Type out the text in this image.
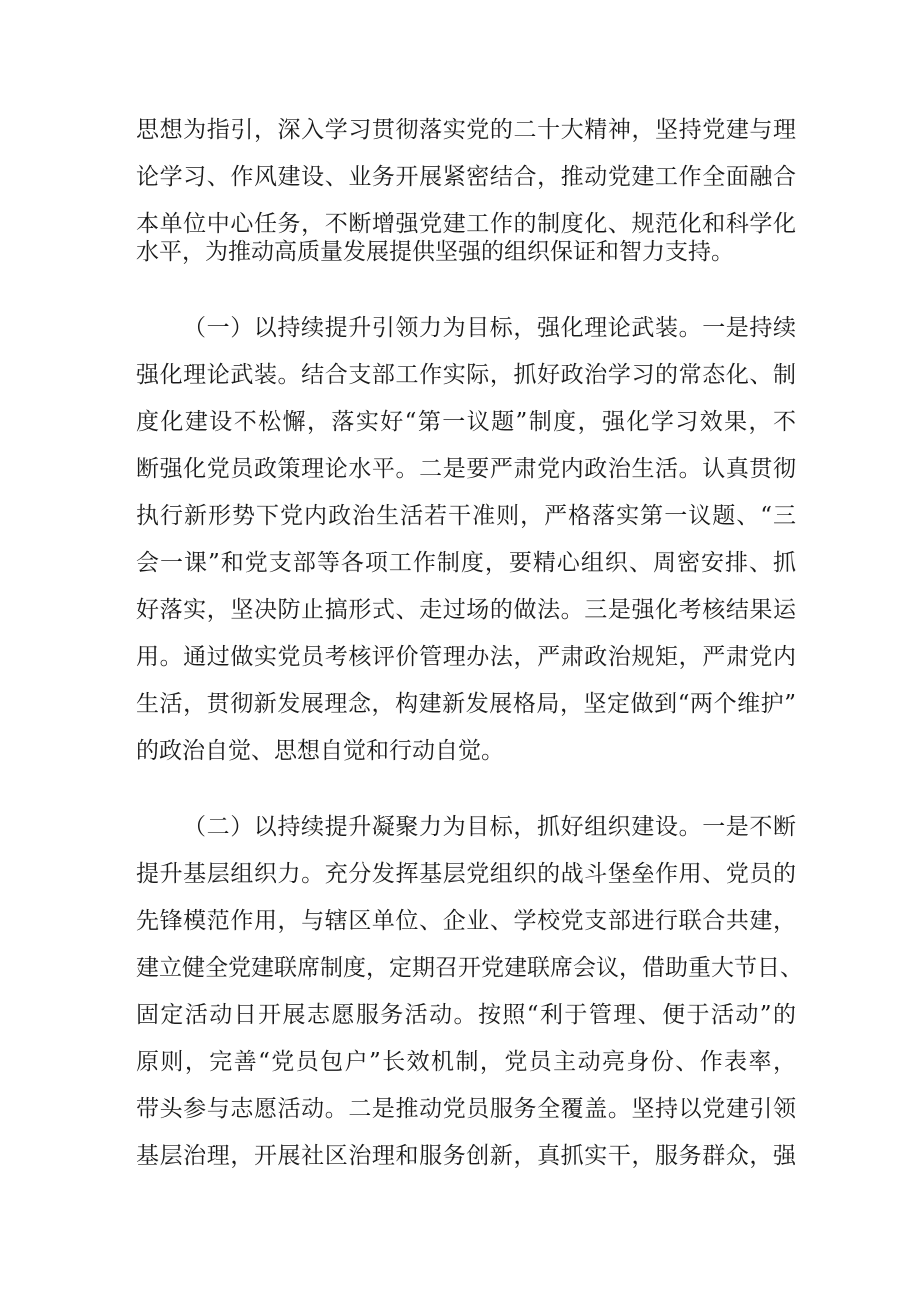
思想为指引，深入学习贯彻落实党的二十大精神，坚持党建与理
论学习、作风建设、业务开展紧密结合，推动党建工作全面融合
本单位中心任务，不断增强党建工作的制度化、规范化和科学化
水平，为推动高质量发展提供坚强的组织保证和智力支持。
（一）以持续提升引领力为目标，强化理论武装。一是持续
强化理论武装。结合支部工作实际，抓好政治学习的常态化、制
度化建设不松懈，落实好“第一议题”制度，强化学习效果，不
断强化党员政策理论水平。二是要严肃党内政治生活。认真贯彻
执行新形势下党内政治生活若干准则，严格落实第一议题、“三
会一课”和党支部等各项工作制度，要精心组织、周密安排、抓
好落实，坚决防止搞形式、走过场的做法。三是强化考核结果运
用。通过做实党员考核评价管理办法，严肃政治规矩，严肃党内
生活，贯彻新发展理念，构建新发展格局，坚定做到“两个维护”
的政治自觉、思想自觉和行动自觉。
（二）以持续提升凝聚力为目标，抓好组织建设。一是不断
提升基层组织力。充分发挥基层党组织的战斗堡垒作用、党员的
先锋模范作用，与辖区单位、企业、学校党支部进行联合共建，
建立健全党建联席制度，定期召开党建联席会议，借助重大节日、
固定活动日开展志愿服务活动。按照“利于管理、便于活动”的
原则，完善“党员包户”长效机制，党员主动亮身份、作表率，
带头参与志愿活动。二是推动党员服务全覆盖。坚持以党建引领
基层治理，开展社区治理和服务创新，真抓实干，服务群众，强
